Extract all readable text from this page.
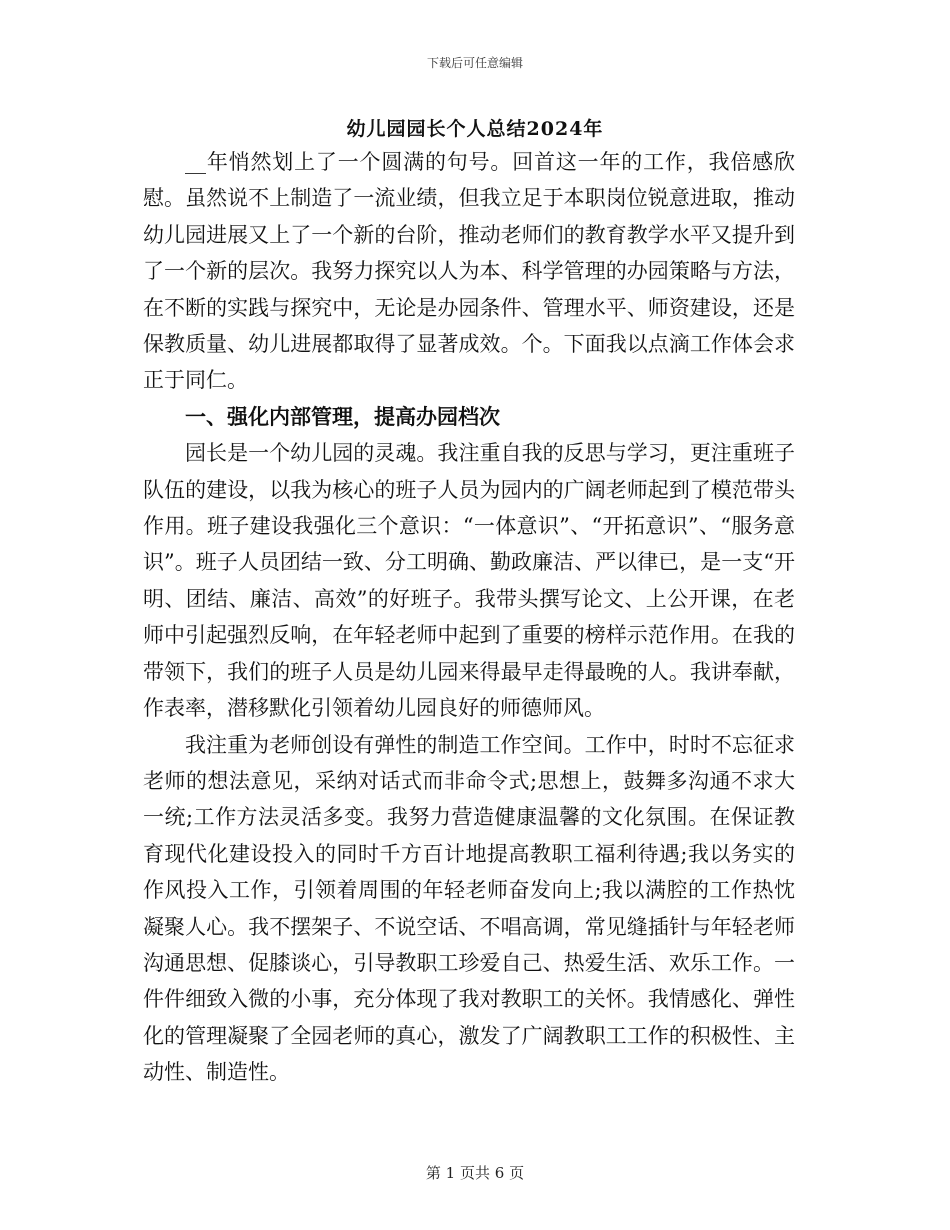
下载后可任意编辑
幼儿园园长个人总结2024年

__年悄然划上了一个圆满的句号。回首这一年的工作，我倍感欣慰。虽然说不上制造了一流业绩，但我立足于本职岗位锐意进取，推动幼儿园进展又上了一个新的台阶，推动老师们的教育教学水平又提升到了一个新的层次。我努力探究以人为本、科学管理的办园策略与方法，在不断的实践与探究中，无论是办园条件、管理水平、师资建设，还是保教质量、幼儿进展都取得了显著成效。个。下面我以点滴工作体会求正于同仁。

一、强化内部管理，提高办园档次

园长是一个幼儿园的灵魂。我注重自我的反思与学习，更注重班子队伍的建设，以我为核心的班子人员为园内的广阔老师起到了模范带头作用。班子建设我强化三个意识：“一体意识”、“开拓意识”、“服务意识”。班子人员团结一致、分工明确、勤政廉洁、严以律已，是一支“开明、团结、廉洁、高效”的好班子。我带头撰写论文、上公开课，在老师中引起强烈反响，在年轻老师中起到了重要的榜样示范作用。在我的带领下，我们的班子人员是幼儿园来得最早走得最晚的人。我讲奉献，作表率，潜移默化引领着幼儿园良好的师德师风。

我注重为老师创设有弹性的制造工作空间。工作中，时时不忘征求老师的想法意见，采纳对话式而非命令式;思想上，鼓舞多沟通不求大一统;工作方法灵活多变。我努力营造健康温馨的文化氛围。在保证教育现代化建设投入的同时千方百计地提高教职工福利待遇;我以务实的作风投入工作，引领着周围的年轻老师奋发向上;我以满腔的工作热忱凝聚人心。我不摆架子、不说空话、不唱高调，常见缝插针与年轻老师沟通思想、促膝谈心，引导教职工珍爱自己、热爱生活、欢乐工作。一件件细致入微的小事，充分体现了我对教职工的关怀。我情感化、弹性化的管理凝聚了全园老师的真心，激发了广阔教职工工作的积极性、主动性、制造性。

第 1 页共 6 页
